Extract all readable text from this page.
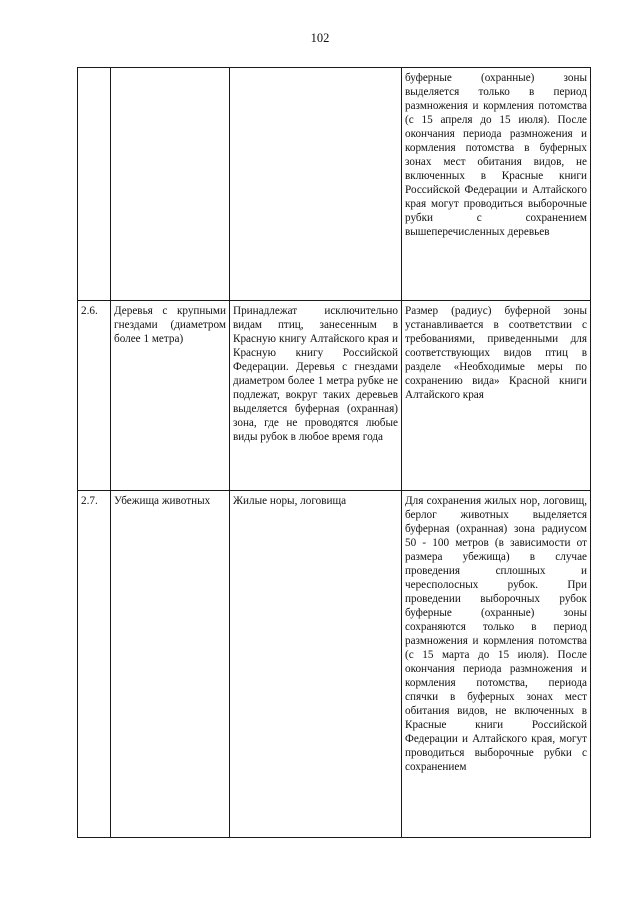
102

			буферные (охранные) зоны выделяется только в период размножения и кормления потомства (с 15 апреля до 15 июля). После окончания периода размножения и кормления потомства в буферных зонах мест обитания видов, не включенных в Красные книги Российской Федерации и Алтайского края могут проводиться выборочные рубки с сохранением вышеперечисленных деревьев

2.6.	Деревья с крупными гнездами (диаметром более 1 метра)	Принадлежат исключительно видам птиц, занесенным в Красную книгу Алтайского края и Красную книгу Российской Федерации. Деревья с гнездами диаметром более 1 метра рубке не подлежат, вокруг таких деревьев выделяется буферная (охранная) зона, где не проводятся любые виды рубок в любое время года	Размер (радиус) буферной зоны устанавливается в соответствии с требованиями, приведенными для соответствующих видов птиц в разделе «Необходимые меры по сохранению вида» Красной книги Алтайского края

2.7.	Убежища животных	Жилые норы, логовища	Для сохранения жилых нор, логовищ, берлог животных выделяется буферная (охранная) зона радиусом 50 - 100 метров (в зависимости от размера убежища) в случае проведения сплошных и чересполосных рубок. При проведении выборочных рубок буферные (охранные) зоны сохраняются только в период размножения и кормления потомства (с 15 марта до 15 июля). После окончания периода размножения и кормления потомства, периода спячки в буферных зонах мест обитания видов, не включенных в Красные книги Российской Федерации и Алтайского края, могут проводиться выборочные рубки с сохранением
